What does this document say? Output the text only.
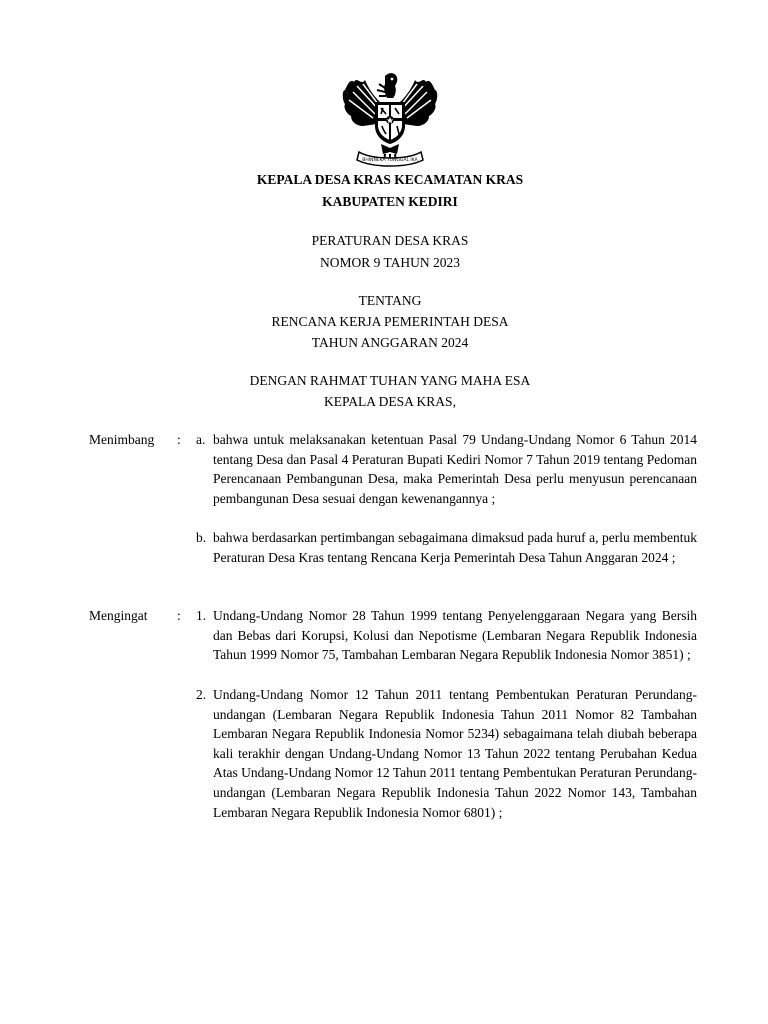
BHINNEKA TUNGGAL IKA
KEPALA DESA KRAS KECAMATAN KRAS
KABUPATEN KEDIRI
PERATURAN DESA KRAS
NOMOR 9 TAHUN 2023
TENTANG
RENCANA KERJA PEMERINTAH DESA
TAHUN ANGGARAN 2024
DENGAN RAHMAT TUHAN YANG MAHA ESA
KEPALA DESA KRAS,
Menimbang : a. bahwa untuk melaksanakan ketentuan Pasal 79 Undang-Undang Nomor 6 Tahun 2014 tentang Desa dan Pasal 4 Peraturan Bupati Kediri Nomor 7 Tahun 2019 tentang Pedoman Perencanaan Pembangunan Desa, maka Pemerintah Desa perlu menyusun perencanaan pembangunan Desa sesuai dengan kewenangannya ;

b. bahwa berdasarkan pertimbangan sebagaimana dimaksud pada huruf a, perlu membentuk Peraturan Desa Kras tentang Rencana Kerja Pemerintah Desa Tahun Anggaran 2024 ;

Mengingat : 1. Undang-Undang Nomor 28 Tahun 1999 tentang Penyelenggaraan Negara yang Bersih dan Bebas dari Korupsi, Kolusi dan Nepotisme (Lembaran Negara Republik Indonesia Tahun 1999 Nomor 75, Tambahan Lembaran Negara Republik Indonesia Nomor 3851) ;

2. Undang-Undang Nomor 12 Tahun 2011 tentang Pembentukan Peraturan Perundang-undangan (Lembaran Negara Republik Indonesia Tahun 2011 Nomor 82 Tambahan Lembaran Negara Republik Indonesia Nomor 5234) sebagaimana telah diubah beberapa kali terakhir dengan Undang-Undang Nomor 13 Tahun 2022 tentang Perubahan Kedua Atas Undang-Undang Nomor 12 Tahun 2011 tentang Pembentukan Peraturan Perundang-undangan (Lembaran Negara Republik Indonesia Tahun 2022 Nomor 143, Tambahan Lembaran Negara Republik Indonesia Nomor 6801) ;
